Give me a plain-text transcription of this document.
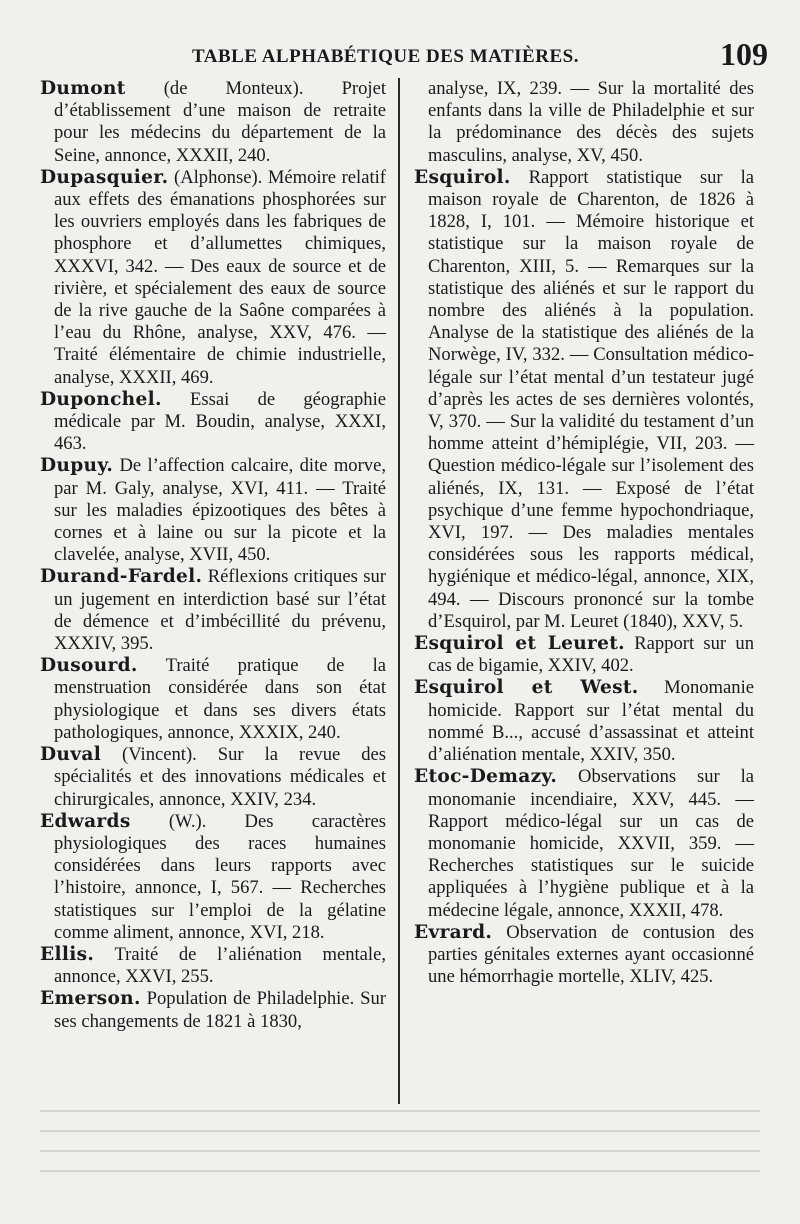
TABLE ALPHABÉTIQUE DES MATIÈRES.	109

Dumont (de Monteux). Projet d’établissement d’une maison de retraite pour les médecins du département de la Seine, annonce, XXXII, 240.

Dupasquier. (Alphonse). Mémoire relatif aux effets des émanations phosphorées sur les ouvriers employés dans les fabriques de phosphore et d’allumettes chimiques, XXXVI, 342. — Des eaux de source et de rivière, et spécialement des eaux de source de la rive gauche de la Saône comparées à l’eau du Rhône, analyse, XXV, 476. — Traité élémentaire de chimie industrielle, analyse, XXXII, 469.

Duponchel. Essai de géographie médicale par M. Boudin, analyse, XXXI, 463.

Dupuy. De l’affection calcaire, dite morve, par M. Galy, analyse, XVI, 411. — Traité sur les maladies épizootiques des bêtes à cornes et à laine ou sur la picote et la clavelée, analyse, XVII, 450.

Durand-Fardel. Réflexions critiques sur un jugement en interdiction basé sur l’état de démence et d’imbécillité du prévenu, XXXIV, 395.

Dusourd. Traité pratique de la menstruation considérée dans son état physiologique et dans ses divers états pathologiques, annonce, XXXIX, 240.

Duval (Vincent). Sur la revue des spécialités et des innovations médicales et chirurgicales, annonce, XXIV, 234.

Edwards (W.). Des caractères physiologiques des races humaines considérées dans leurs rapports avec l’histoire, annonce, I, 567. — Recherches statistiques sur l’emploi de la gélatine comme aliment, annonce, XVI, 218.

Ellis. Traité de l’aliénation mentale, annonce, XXVI, 255.

Emerson. Population de Philadelphie. Sur ses changements de 1821 à 1830,

analyse, IX, 239. — Sur la mortalité des enfants dans la ville de Philadelphie et sur la prédominance des décès des sujets masculins, analyse, XV, 450.

Esquirol. Rapport statistique sur la maison royale de Charenton, de 1826 à 1828, I, 101. — Mémoire historique et statistique sur la maison royale de Charenton, XIII, 5. — Remarques sur la statistique des aliénés et sur le rapport du nombre des aliénés à la population. Analyse de la statistique des aliénés de la Norwège, IV, 332. — Consultation médico-légale sur l’état mental d’un testateur jugé d’après les actes de ses dernières volontés, V, 370. — Sur la validité du testament d’un homme atteint d’hémiplégie, VII, 203. — Question médico-légale sur l’isolement des aliénés, IX, 131. — Exposé de l’état psychique d’une femme hypochondriaque, XVI, 197. — Des maladies mentales considérées sous les rapports médical, hygiénique et médico-légal, annonce, XIX, 494. — Discours prononcé sur la tombe d’Esquirol, par M. Leuret (1840), XXV, 5.

Esquirol et Leuret. Rapport sur un cas de bigamie, XXIV, 402.

Esquirol et West. Monomanie homicide. Rapport sur l’état mental du nommé B..., accusé d’assassinat et atteint d’aliénation mentale, XXIV, 350.

Etoc-Demazy. Observations sur la monomanie incendiaire, XXV, 445. — Rapport médico-légal sur un cas de monomanie homicide, XXVII, 359. — Recherches statistiques sur le suicide appliquées à l’hygiène publique et à la médecine légale, annonce, XXXII, 478.

Evrard. Observation de contusion des parties génitales externes ayant occasionné une hémorrhagie mortelle, XLIV, 425.
